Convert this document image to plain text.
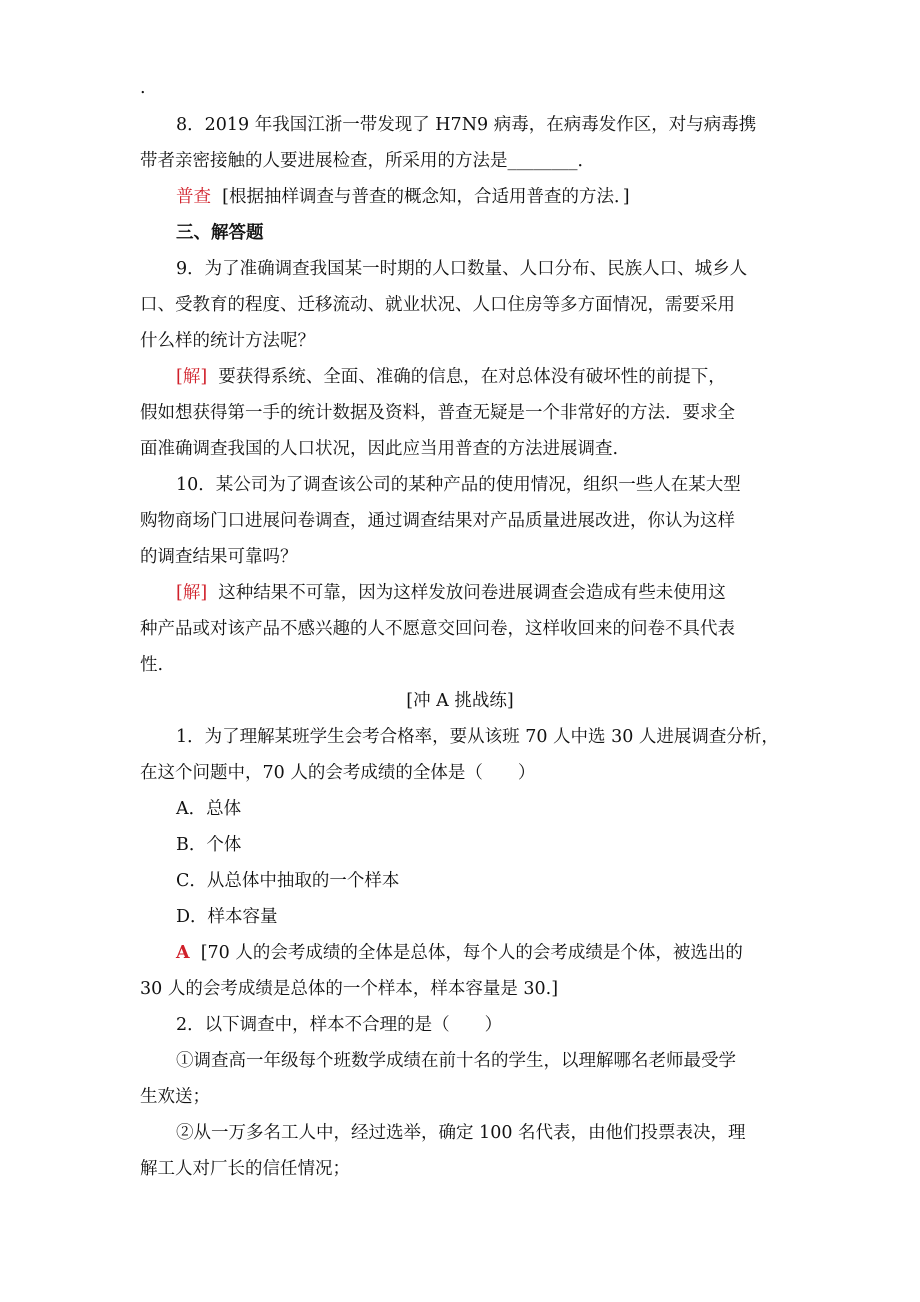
.
8．2019 年我国江浙一带发现了 H7N9 病毒，在病毒发作区，对与病毒携
带者亲密接触的人要进展检查，所采用的方法是________．
普查 [根据抽样调查与普查的概念知，合适用普查的方法．]
三、解答题
9．为了准确调查我国某一时期的人口数量、人口分布、民族人口、城乡人
口、受教育的程度、迁移流动、就业状况、人口住房等多方面情况，需要采用
什么样的统计方法呢？
[解] 要获得系统、全面、准确的信息，在对总体没有破坏性的前提下，
假如想获得第一手的统计数据及资料，普查无疑是一个非常好的方法．要求全
面准确调查我国的人口状况，因此应当用普查的方法进展调查.
10．某公司为了调查该公司的某种产品的使用情况，组织一些人在某大型
购物商场门口进展问卷调查，通过调查结果对产品质量进展改进，你认为这样
的调查结果可靠吗？
[解] 这种结果不可靠，因为这样发放问卷进展调查会造成有些未使用这
种产品或对该产品不感兴趣的人不愿意交回问卷，这样收回来的问卷不具代表
性.
[冲 A 挑战练]
1．为了理解某班学生会考合格率，要从该班 70 人中选 30 人进展调查分析，
在这个问题中，70 人的会考成绩的全体是（　　）
A．总体
B．个体
C．从总体中抽取的一个样本
D．样本容量
A [70 人的会考成绩的全体是总体，每个人的会考成绩是个体，被选出的
30 人的会考成绩是总体的一个样本，样本容量是 30.]
2．以下调查中，样本不合理的是（　　）
①调查高一年级每个班数学成绩在前十名的学生，以理解哪名老师最受学
生欢送；
②从一万多名工人中，经过选举，确定 100 名代表，由他们投票表决，理
解工人对厂长的信任情况；
